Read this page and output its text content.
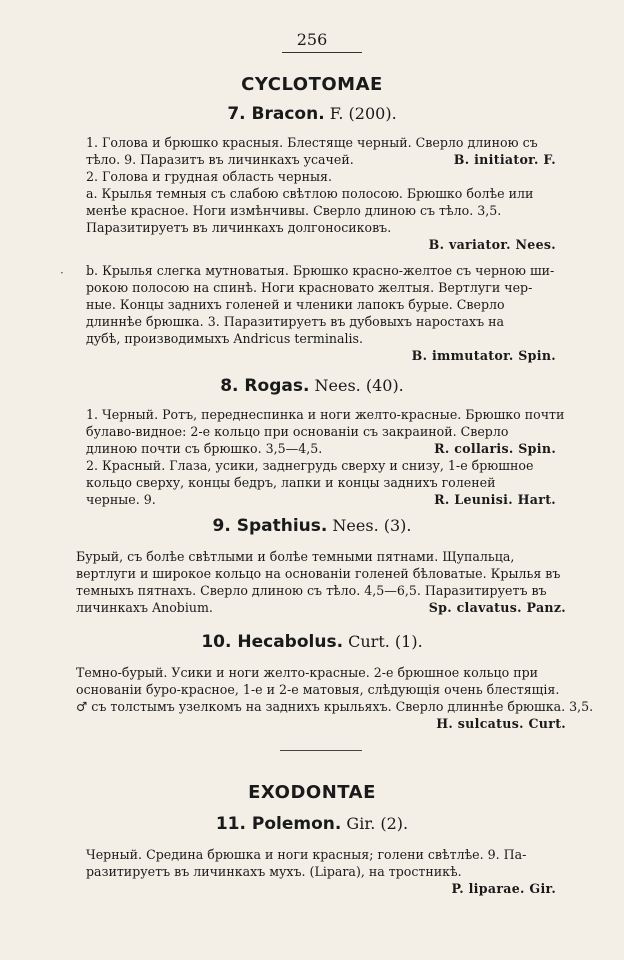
256
CYCLOTOMAE
7. Bracon. F. (200).
1. Голова и брюшко красныя. Блестяще черный. Сверло длиною съ
тѣло. 9. Паразитъ въ личинкахъ усачей.	B. initiator. F.
2. Голова и грудная область черныя.
a. Крылья темныя съ слабою свѣтлою полосою. Брюшко болѣе или
менѣе красное. Ноги измѣнчивы. Сверло длиною съ тѣло. 3,5.
Паразитируетъ въ личинкахъ долгоносиковъ.
B. variator. Nees.
· b. Крылья слегка мутноватыя. Брюшко красно-желтое съ черною ши-
рокою полосою на спинѣ. Ноги красновато желтыя. Вертлуги чер-
ные. Концы заднихъ голеней и членики лапокъ бурые. Сверло
длиннѣе брюшка. 3. Паразитируетъ въ дубовыхъ наростахъ на
дубѣ, производимыхъ Andricus terminalis.
B. immutator. Spin.
8. Rogas. Nees. (40).
1. Черный. Ротъ, переднеспинка и ноги желто-красные. Брюшко почти
булаво-видное: 2-е кольцо при основаніи съ закраиной. Сверло
длиною почти съ брюшко. 3,5—4,5.	R. collaris. Spin.
2. Красный. Глаза, усики, заднегрудь сверху и снизу, 1-е брюшное
кольцо сверху, концы бедръ, лапки и концы заднихъ голеней
черные. 9.	R. Leunisi. Hart.
9. Spathius. Nees. (3).
Бурый, съ болѣе свѣтлыми и болѣе темными пятнами. Щупальца,
вертлуги и широкое кольцо на основаніи голеней бѣловатые. Крылья въ
темныхъ пятнахъ. Сверло длиною съ тѣло. 4,5—6,5. Паразитируетъ въ
личинкахъ Anobium.	Sp. clavatus. Panz.
10. Hecabolus. Curt. (1).
Темно-бурый. Усики и ноги желто-красные. 2-е брюшное кольцо при
основаніи буро-красное, 1-е и 2-е матовыя, слѣдующія очень блестящія.
♂ съ толстымъ узелкомъ на заднихъ крыльяхъ. Сверло длиннѣе брюшка. 3,5.
H. sulcatus. Curt.
EXODONTAE
11. Polemon. Gir. (2).
Черный. Средина брюшка и ноги красныя; голени свѣтлѣе. 9. Па-
разитируетъ въ личинкахъ мухъ. (Lipara), на тростникѣ.
P. liparae. Gir.
